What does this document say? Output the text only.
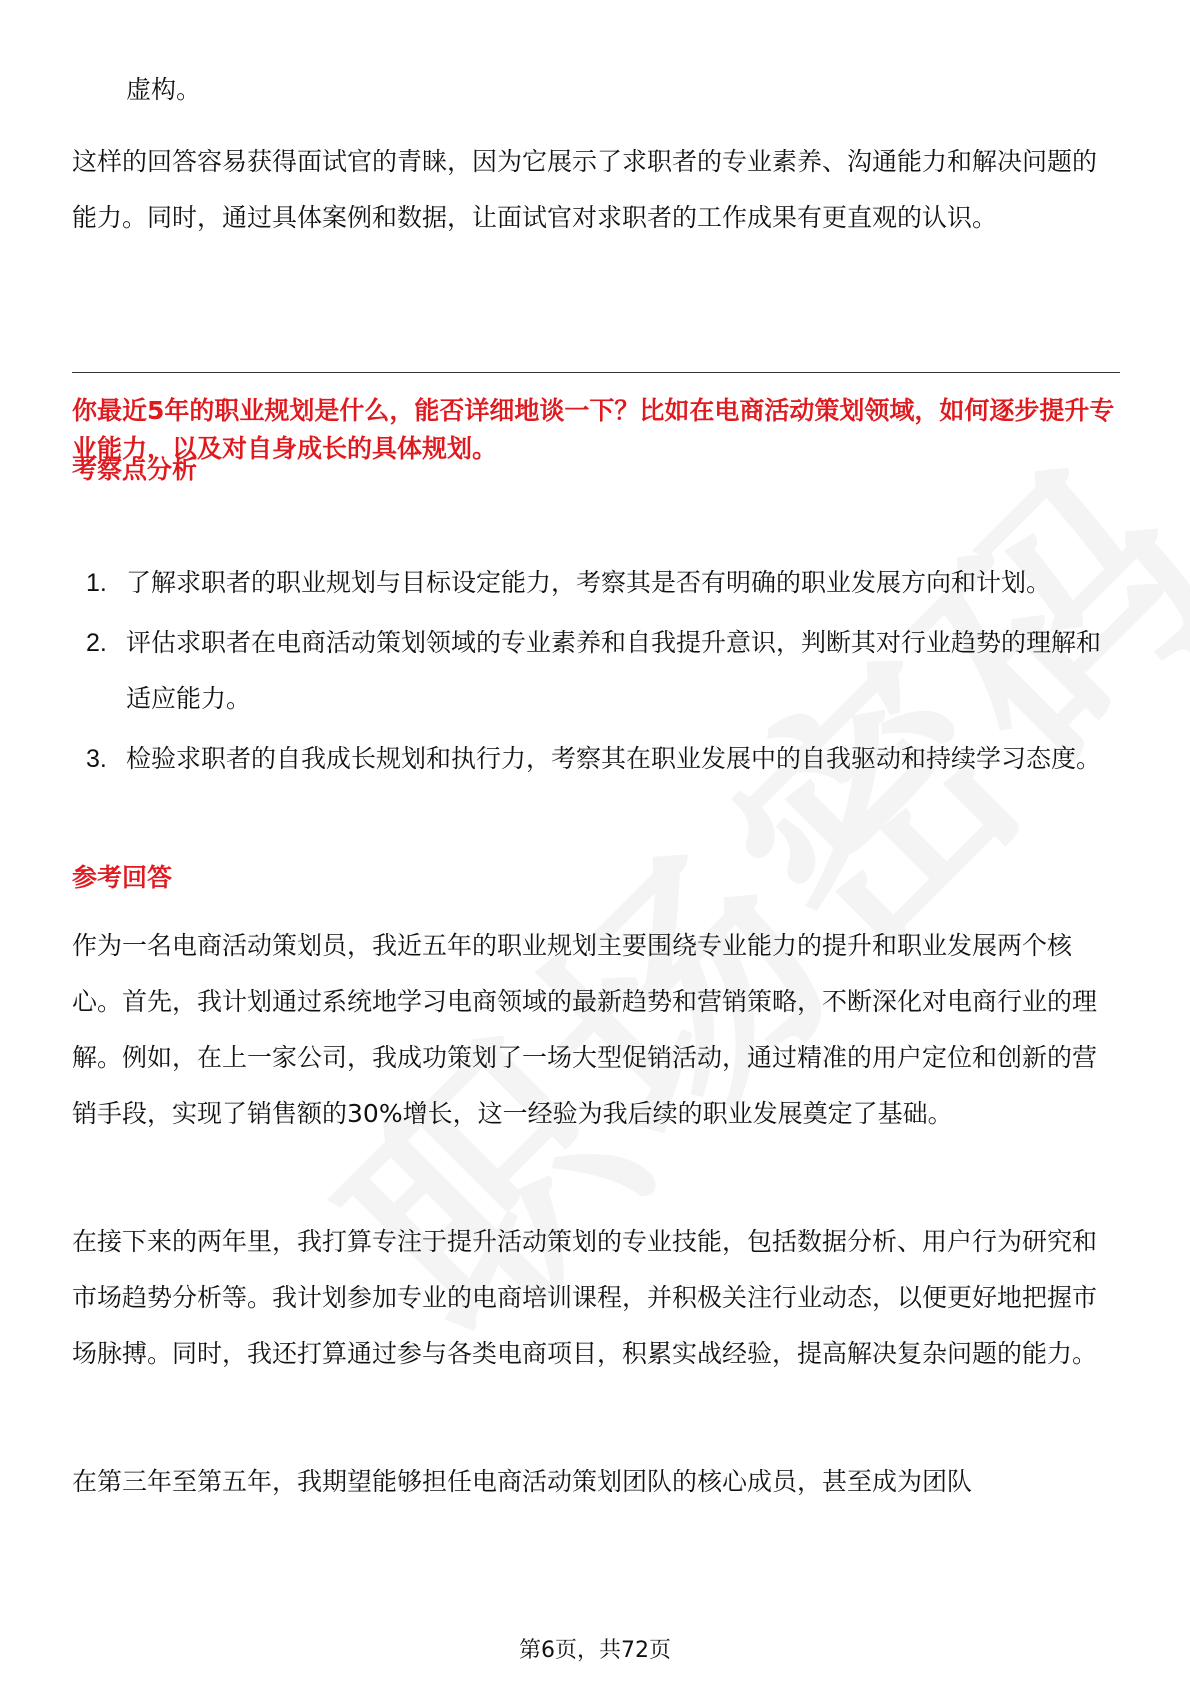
虚构。

这样的回答容易获得面试官的青睐，因为它展示了求职者的专业素养、沟通能力和解决问题的能力。同时，通过具体案例和数据，让面试官对求职者的工作成果有更直观的认识。

你最近5年的职业规划是什么，能否详细地谈一下？比如在电商活动策划领域，如何逐步提升专业能力，以及对自身成长的具体规划。

考察点分析
1. 了解求职者的职业规划与目标设定能力，考察其是否有明确的职业发展方向和计划。
2. 评估求职者在电商活动策划领域的专业素养和自我提升意识，判断其对行业趋势的理解和适应能力。
3. 检验求职者的自我成长规划和执行力，考察其在职业发展中的自我驱动和持续学习态度。
参考回答

作为一名电商活动策划员，我近五年的职业规划主要围绕专业能力的提升和职业发展两个核心。首先，我计划通过系统地学习电商领域的最新趋势和营销策略，不断深化对电商行业的理解。例如，在上一家公司，我成功策划了一场大型促销活动，通过精准的用户定位和创新的营销手段，实现了销售额的30%增长，这一经验为我后续的职业发展奠定了基础。

在接下来的两年里，我打算专注于提升活动策划的专业技能，包括数据分析、用户行为研究和市场趋势分析等。我计划参加专业的电商培训课程，并积极关注行业动态，以便更好地把握市场脉搏。同时，我还打算通过参与各类电商项目，积累实战经验，提高解决复杂问题的能力。

在第三年至第五年，我期望能够担任电商活动策划团队的核心成员，甚至成为团队

第6页，共72页
